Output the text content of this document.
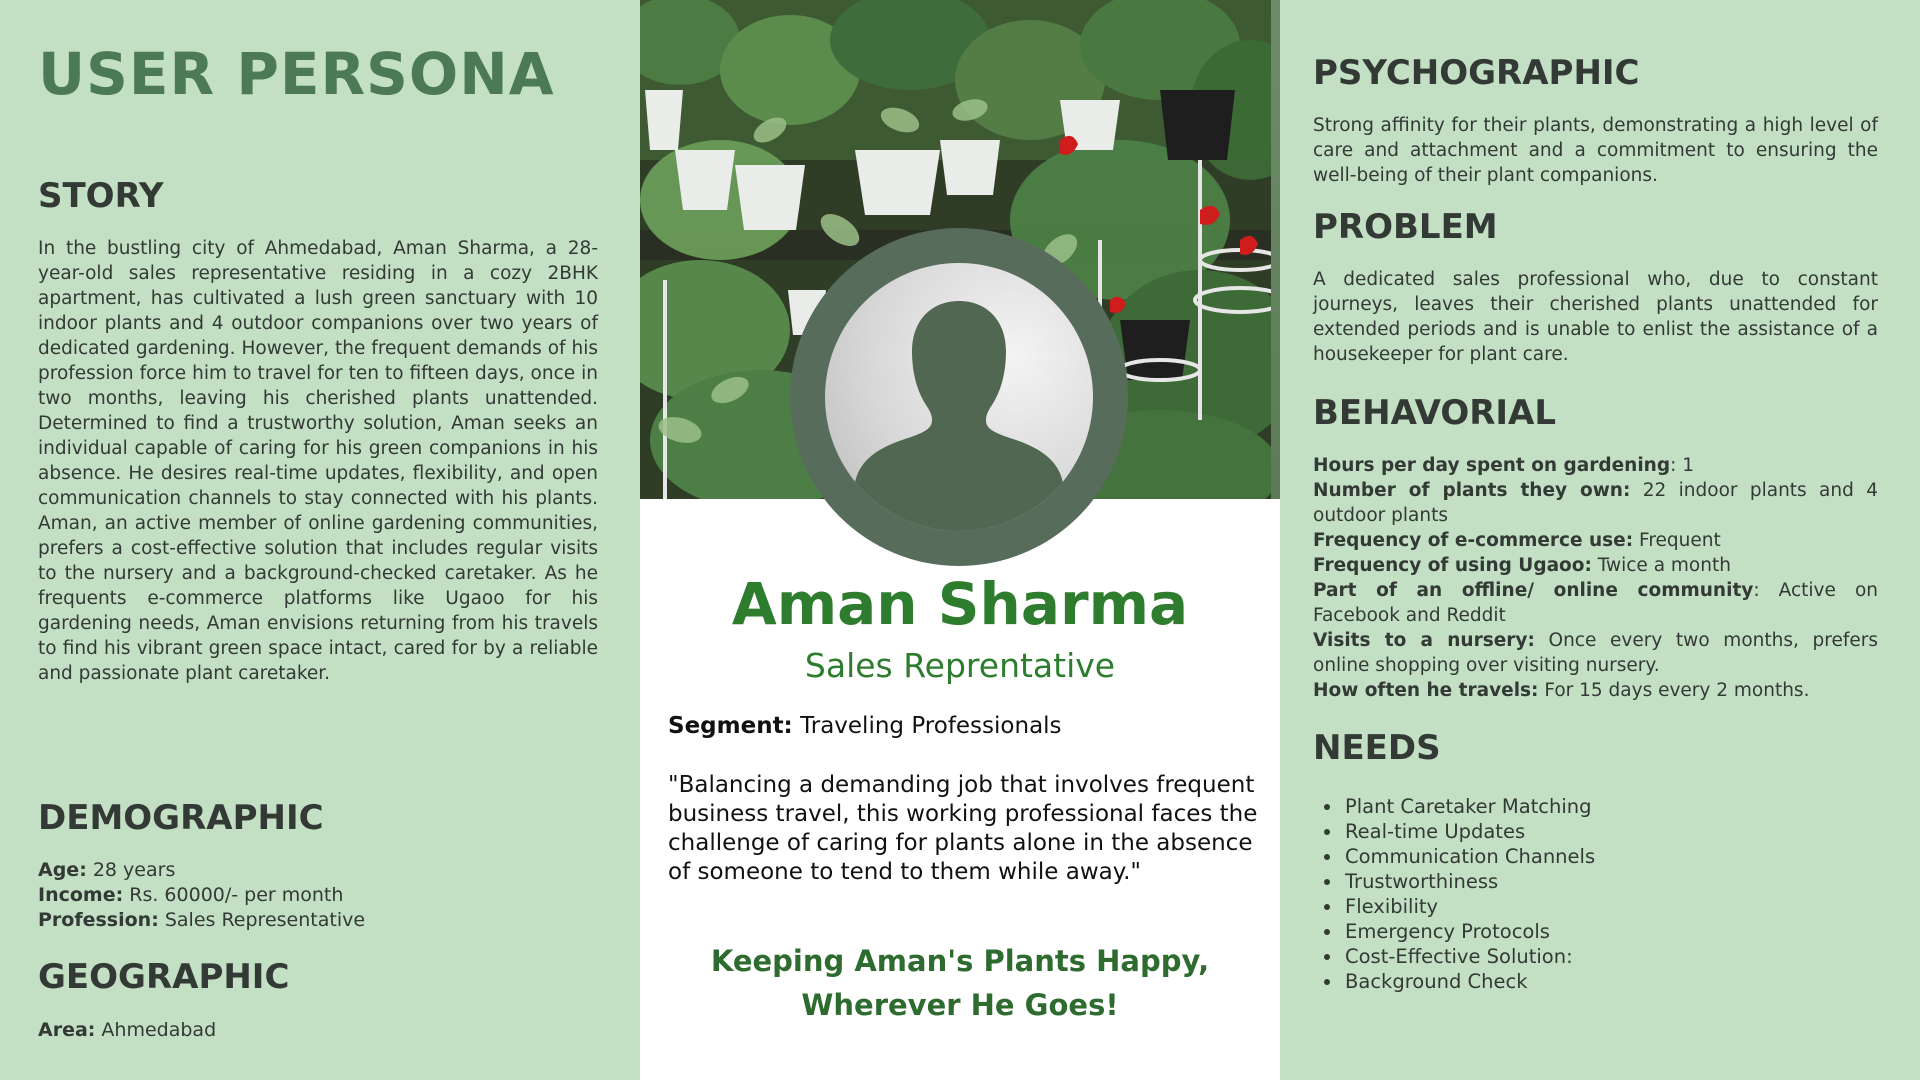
USER PERSONA
STORY

In the bustling city of Ahmedabad, Aman Sharma, a 28-year-old sales representative residing in a cozy 2BHK apartment, has cultivated a lush green sanctuary with 10 indoor plants and 4 outdoor companions over two years of dedicated gardening. However, the frequent demands of his profession force him to travel for ten to fifteen days, once in two months, leaving his cherished plants unattended. Determined to find a trustworthy solution, Aman seeks an individual capable of caring for his green companions in his absence. He desires real-time updates, flexibility, and open communication channels to stay connected with his plants. Aman, an active member of online gardening communities, prefers a cost-effective solution that includes regular visits to the nursery and a background-checked caretaker. As he frequents e-commerce platforms like Ugaoo for his gardening needs, Aman envisions returning from his travels to find his vibrant green space intact, cared for by a reliable and passionate plant caretaker.

DEMOGRAPHIC
Age: 28 years
Income: Rs. 60000/- per month
Profession: Sales Representative
GEOGRAPHIC
Area: Ahmedabad
Aman Sharma

Sales Reprentative

Segment: Traveling Professionals

"Balancing a demanding job that involves frequent business travel, this working professional faces the challenge of caring for plants alone in the absence of someone to tend to them while away."

Keeping Aman's Plants Happy,
Wherever He Goes!

PSYCHOGRAPHIC

Strong affinity for their plants, demonstrating a high level of care and attachment and a commitment to ensuring the well-being of their plant companions.

PROBLEM

A dedicated sales professional who, due to constant journeys, leaves their cherished plants unattended for extended periods and is unable to enlist the assistance of a housekeeper for plant care.

BEHAVORIAL
Hours per day spent on gardening: 1
Number of plants they own: 22 indoor plants and 4 outdoor plants
Frequency of e-commerce use: Frequent
Frequency of using Ugaoo: Twice a month
Part of an offline/ online community: Active on Facebook and Reddit
Visits to a nursery: Once every two months, prefers online shopping over visiting nursery.
How often he travels: For 15 days every 2 months.
NEEDS
Plant Caretaker Matching
Real-time Updates
Communication Channels
Trustworthiness
Flexibility
Emergency Protocols
Cost-Effective Solution:
Background Check
